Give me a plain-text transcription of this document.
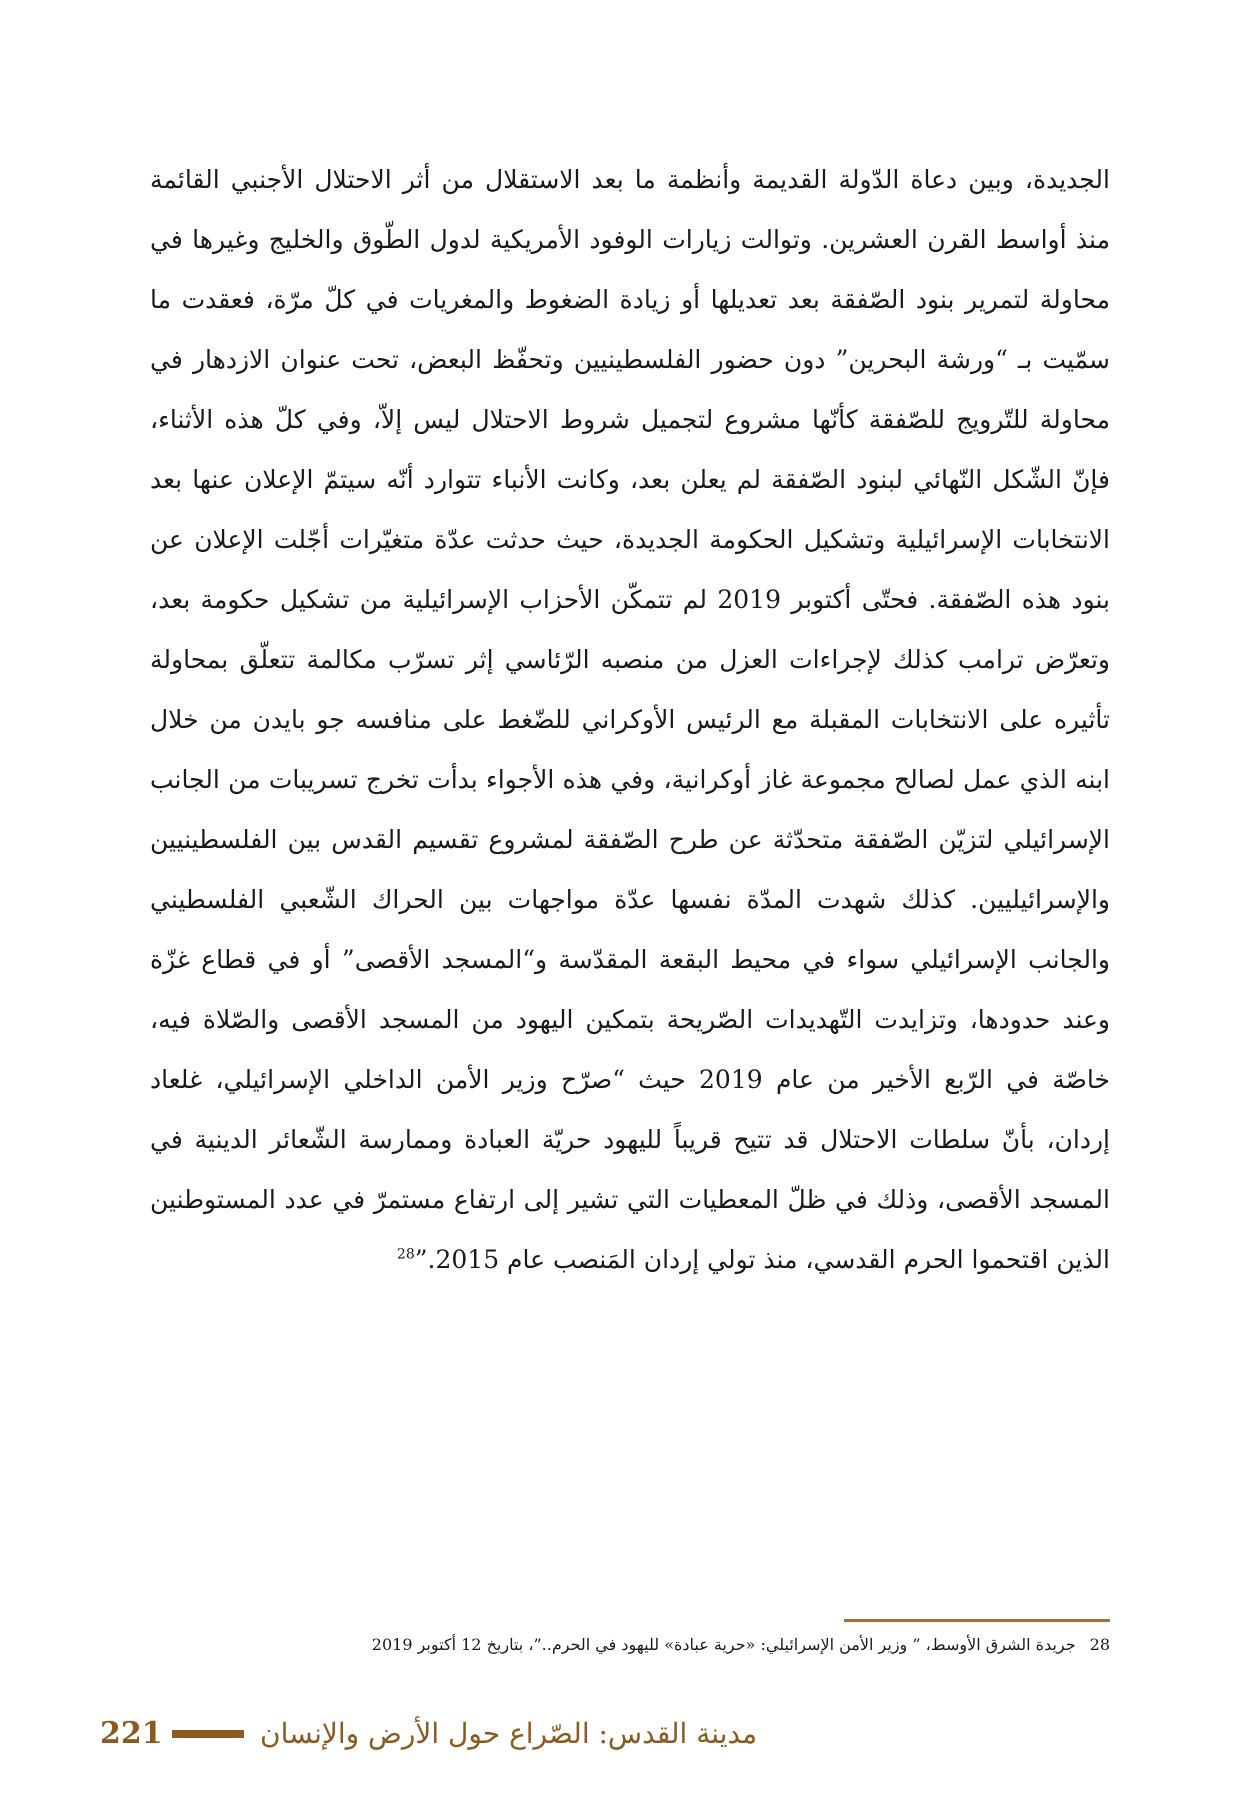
الجديدة، وبين دعاة الدّولة القديمة وأنظمة ما بعد الاستقلال من أثر الاحتلال الأجنبي القائمة منذ أواسط القرن العشرين. وتوالت زيارات الوفود الأمريكية لدول الطّوق والخليج وغيرها في محاولة لتمرير بنود الصّفقة بعد تعديلها أو زيادة الضغوط والمغريات في كلّ مرّة، فعقدت ما سمّيت بـ “ورشة البحرين” دون حضور الفلسطينيين وتحفّظ البعض، تحت عنوان الازدهار في محاولة للتّرويج للصّفقة كأنّها مشروع لتجميل شروط الاحتلال ليس إلاّ، وفي كلّ هذه الأثناء، فإنّ الشّكل النّهائي لبنود الصّفقة لم يعلن بعد، وكانت الأنباء تتوارد أنّه سيتمّ الإعلان عنها بعد الانتخابات الإسرائيلية وتشكيل الحكومة الجديدة، حيث حدثت عدّة متغيّرات أجّلت الإعلان عن بنود هذه الصّفقة. فحتّى أكتوبر 2019 لم تتمكّن الأحزاب الإسرائيلية من تشكيل حكومة بعد، وتعرّض ترامب كذلك لإجراءات العزل من منصبه الرّئاسي إثر تسرّب مكالمة تتعلّق بمحاولة تأثيره على الانتخابات المقبلة مع الرئيس الأوكراني للضّغط على منافسه جو بايدن من خلال ابنه الذي عمل لصالح مجموعة غاز أوكرانية، وفي هذه الأجواء بدأت تخرج تسريبات من الجانب الإسرائيلي لتزيّن الصّفقة متحدّثة عن طرح الصّفقة لمشروع تقسيم القدس بين الفلسطينيين والإسرائيليين. كذلك شهدت المدّة نفسها عدّة مواجهات بين الحراك الشّعبي الفلسطيني والجانب الإسرائيلي سواء في محيط البقعة المقدّسة و“المسجد الأقصى” أو في قطاع غزّة وعند حدودها، وتزايدت التّهديدات الصّريحة بتمكين اليهود من المسجد الأقصى والصّلاة فيه، خاصّة في الرّبع الأخير من عام 2019 حيث “صرّح وزير الأمن الداخلي الإسرائيلي، غلعاد إردان، بأنّ سلطات الاحتلال قد تتيح قريباً لليهود حريّة العبادة وممارسة الشّعائر الدينية في المسجد الأقصى، وذلك في ظلّ المعطيات التي تشير إلى ارتفاع مستمرّ في عدد المستوطنين الذين اقتحموا الحرم القدسي، منذ تولي إردان المَنصب عام 2015.”$^{28}$

28جريدة الشرق الأوسط، ” وزير الأمن الإسرائيلي: «حرية عبادة» لليهود في الحرم..”، بتاريخ 12 أكتوبر 2019
221	مدينة القدس: الصّراع حول الأرض والإنسان
